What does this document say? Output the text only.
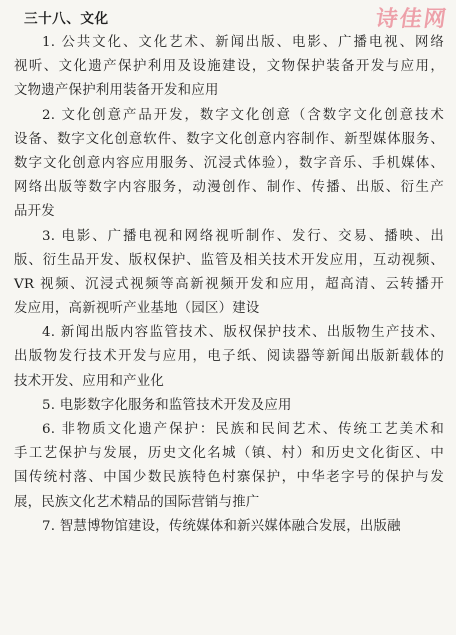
诗佳网
三十八、文化
1. 公共文化、文化艺术、新闻出版、电影、广播电视、网络
视听、文化遗产保护利用及设施建设，文物保护装备开发与应用，
文物遗产保护利用装备开发和应用
2. 文化创意产品开发，数字文化创意（含数字文化创意技术
设备、数字文化创意软件、数字文化创意内容制作、新型媒体服务、
数字文化创意内容应用服务、沉浸式体验），数字音乐、手机媒体、
网络出版等数字内容服务，动漫创作、制作、传播、出版、衍生产
品开发
3. 电影、广播电视和网络视听制作、发行、交易、播映、出
版、衍生品开发、版权保护、监管及相关技术开发应用，互动视频、
VR 视频、沉浸式视频等高新视频开发和应用，超高清、云转播开
发应用，高新视听产业基地（园区）建设
4. 新闻出版内容监管技术、版权保护技术、出版物生产技术、
出版物发行技术开发与应用，电子纸、阅读器等新闻出版新载体的
技术开发、应用和产业化
5. 电影数字化服务和监管技术开发及应用
6. 非物质文化遗产保护：民族和民间艺术、传统工艺美术和
手工艺保护与发展，历史文化名城（镇、村）和历史文化街区、中
国传统村落、中国少数民族特色村寨保护，中华老字号的保护与发
展，民族文化艺术精品的国际营销与推广
7. 智慧博物馆建设，传统媒体和新兴媒体融合发展，出版融
